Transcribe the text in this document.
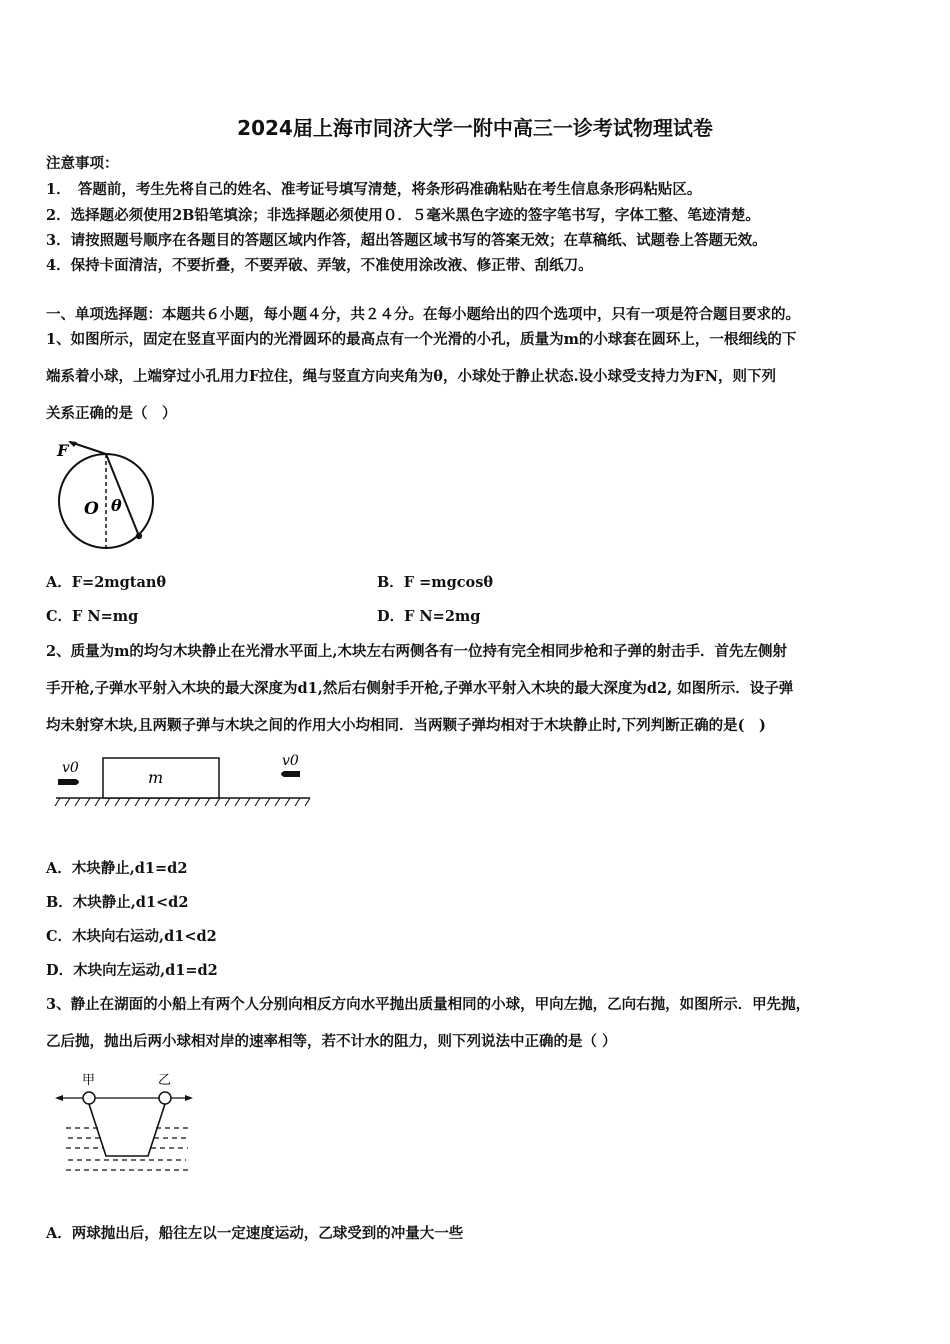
2024届上海市同济大学一附中高三一诊考试物理试卷
注意事项：
1．　答题前，考生先将自己的姓名、准考证号填写清楚，将条形码准确粘贴在考生信息条形码粘贴区。
2．选择题必须使用2B铅笔填涂；非选择题必须使用０．５毫米黑色字迹的签字笔书写，字体工整、笔迹清楚。
3．请按照题号顺序在各题目的答题区域内作答，超出答题区域书写的答案无效；在草稿纸、试题卷上答题无效。
4．保持卡面清洁，不要折叠，不要弄破、弄皱，不准使用涂改液、修正带、刮纸刀。
一、单项选择题：本题共６小题，每小题４分，共２４分。在每小题给出的四个选项中，只有一项是符合题目要求的。
1、如图所示，固定在竖直平面内的光滑圆环的最高点有一个光滑的小孔，质量为m的小球套在圆环上，一根细线的下
端系着小球，上端穿过小孔用力F拉住，绳与竖直方向夹角为θ，小球处于静止状态.设小球受支持力为FN，则下列
关系正确的是（　）
F
O θ
A．F=2mgtanθ	B．F =mgcosθ
C．F N=mg	D．F N=2mg
2、质量为m的均匀木块静止在光滑水平面上,木块左右两侧各有一位持有完全相同步枪和子弹的射击手．首先左侧射
手开枪,子弹水平射入木块的最大深度为d1,然后右侧射手开枪,子弹水平射入木块的最大深度为d2, 如图所示．设子弹
均未射穿木块,且两颗子弹与木块之间的作用大小均相同．当两颗子弹均相对于木块静止时,下列判断正确的是(　)
m
v0	v0
A．木块静止,d1=d2
B．木块静止,d1<d2
C．木块向右运动,d1<d2
D．木块向左运动,d1=d2
3、静止在湖面的小船上有两个人分别向相反方向水平抛出质量相同的小球，甲向左抛，乙向右抛，如图所示．甲先抛，
乙后抛，抛出后两小球相对岸的速率相等，若不计水的阻力，则下列说法中正确的是（ ）
甲	乙
A．两球抛出后，船往左以一定速度运动，乙球受到的冲量大一些
